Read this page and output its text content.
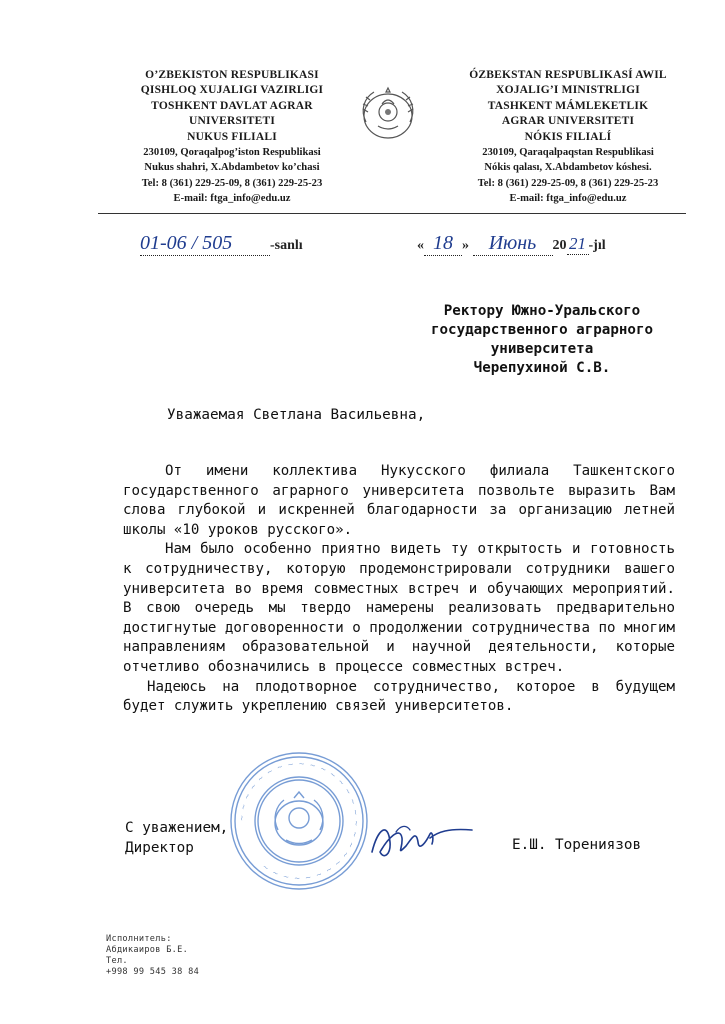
O’ZBEKISTON RESPUBLIKASI
QISHLOQ XUJALIGI VAZIRLIGI
TOSHKENT DAVLAT AGRAR
UNIVERSITETI
NUKUS FILIALI
230109, Qoraqalpog’iston Respublikasi
Nukus shahri, X.Abdambetov ko’chasi
Tel: 8 (361) 229-25-09, 8 (361) 229-25-23
E-mail: ftga_info@edu.uz
ÓZBEKSTAN RESPUBLIKASÍ AWIL
XOJALIG’I MINISTRLIGI
TASHKENT MÁMLEKETLIK
AGRAR UNIVERSITETI
NÓKIS FILIALÍ
230109, Qaraqalpaqstan Respublikasi
Nókis qalası, X.Abdambetov kóshesi.
Tel: 8 (361) 229-25-09, 8 (361) 229-25-23
E-mail: ftga_info@edu.uz
01-06 / 505	-sanlı	« 18 » Июнь 20 21 -jıl
Ректору Южно-Уральского
государственного аграрного
университета
Черепухиной С.В.
Уважаемая Светлана Васильевна,

От имени коллектива Нукусского филиала Ташкентского государственного аграрного университета позвольте выразить Вам слова глубокой и искренней благодарности за организацию летней школы «10 уроков русского».

Нам было особенно приятно видеть ту открытость и готовность к сотрудничеству, которую продемонстрировали сотрудники вашего университета во время совместных встреч и обучающих мероприятий. В свою очередь мы твердо намерены реализовать предварительно достигнутые договоренности о продолжении сотрудничества по многим направлениям образовательной и научной деятельности, которые отчетливо обозначились в процессе совместных встреч.

Надеюсь на плодотворное сотрудничество, которое в будущем будет служить укреплению связей университетов.

~ ~ ~ ~ ~ ~ ~ ~ ~ ~ ~ ~ ~ ~ ~ ~ ~ ~ ~ ~ ~ ~ ~ ~ ~ ~ ~ ~
С уважением,
Директор	Е.Ш. Торениязов
Исполнитель:
Абдикаиров Б.Е.
Тел.
+998 99 545 38 84
